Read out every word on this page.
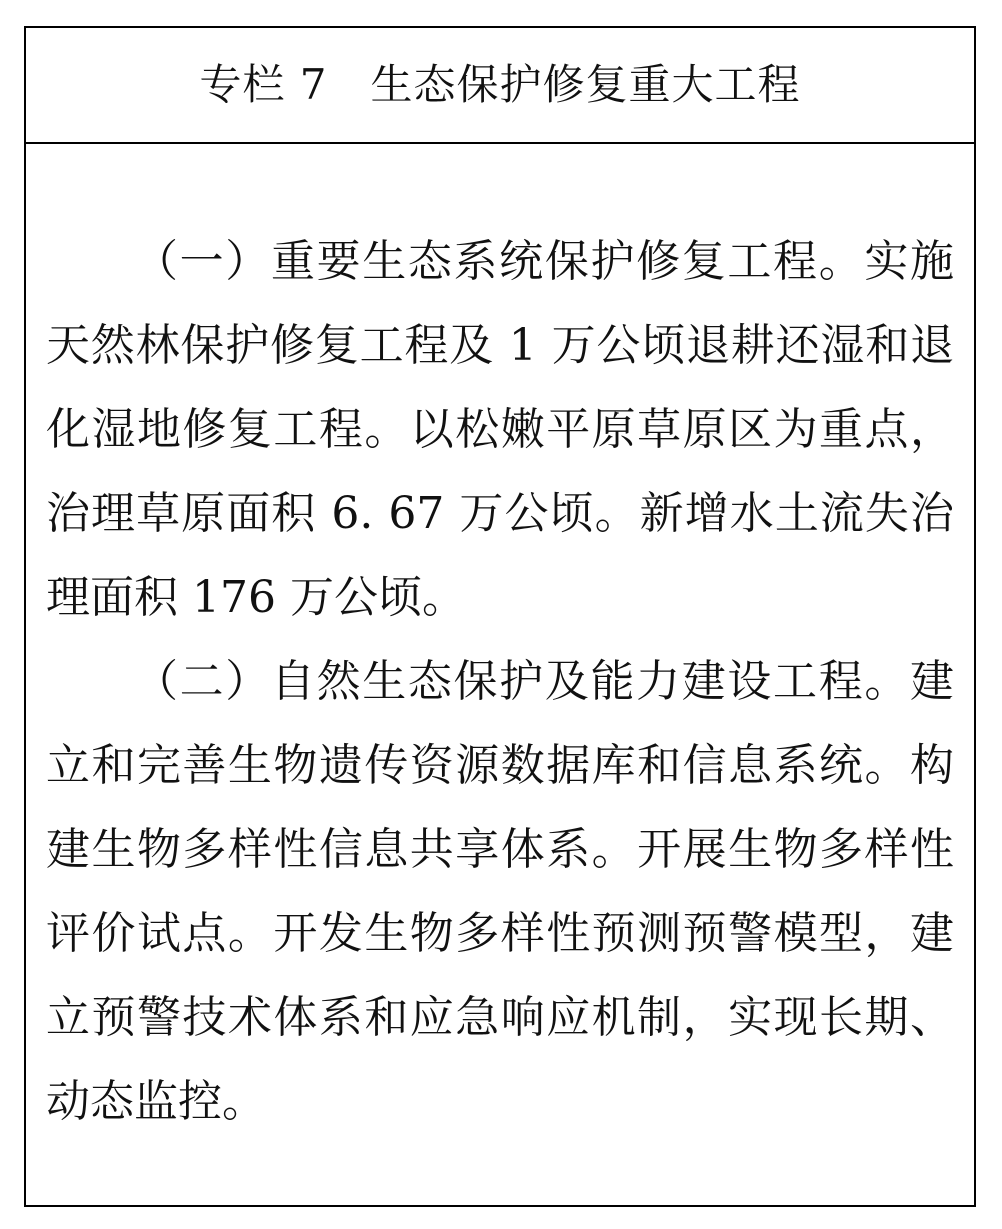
专栏 7　生态保护修复重大工程

（一）重要生态系统保护修复工程。实施天然林保护修复工程及 1 万公顷退耕还湿和退化湿地修复工程。以松嫩平原草原区为重点，治理草原面积 6. 67 万公顷。新增水土流失治理面积 176 万公顷。

（二）自然生态保护及能力建设工程。建立和完善生物遗传资源数据库和信息系统。构建生物多样性信息共享体系。开展生物多样性评价试点。开发生物多样性预测预警模型，建立预警技术体系和应急响应机制，实现长期、动态监控。
